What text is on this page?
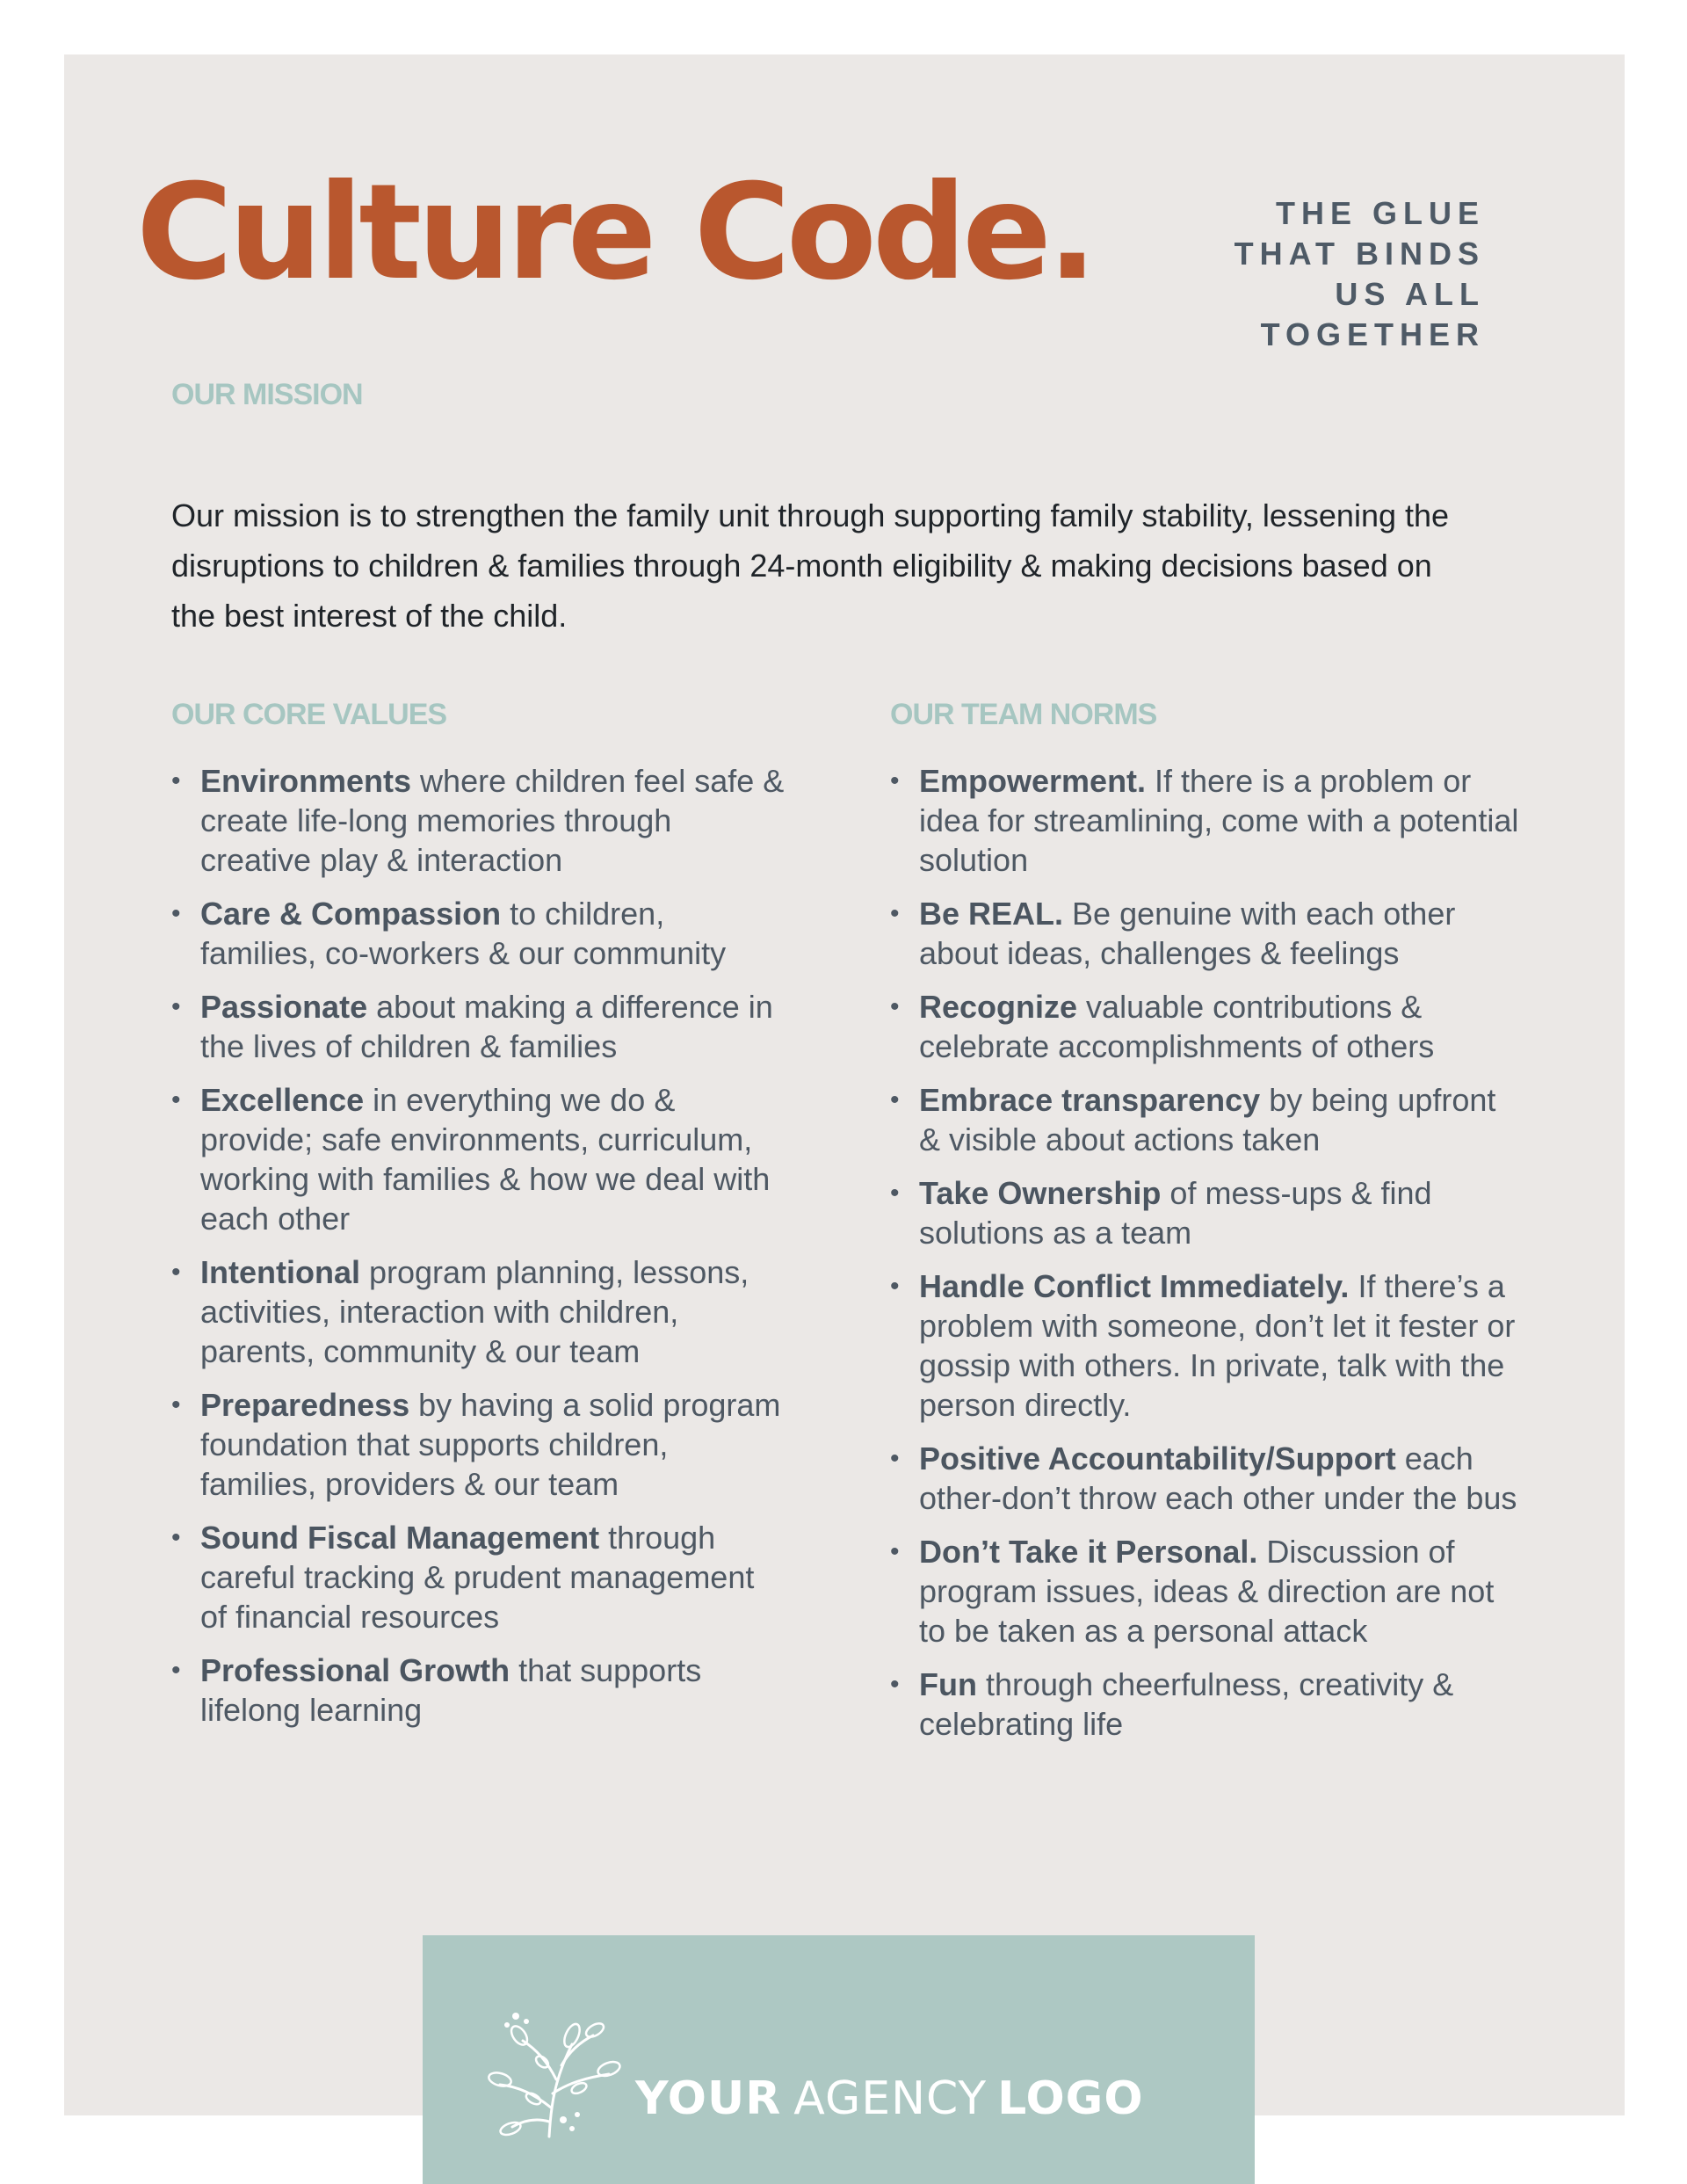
Culture Code.	THE GLUE
THAT BINDS
US ALL
TOGETHER
OUR MISSION

Our mission is to strengthen the family unit through supporting family stability, lessening the disruptions to children & families through 24-month eligibility & making decisions based on the best interest of the child.

OUR CORE VALUES
• Environments where children feel safe & create life-long memories through creative play & interaction
• Care & Compassion to children, families, co-workers & our community
• Passionate about making a difference in the lives of children & families
• Excellence in everything we do & provide; safe environments, curriculum, working with families & how we deal with each other
• Intentional program planning, lessons, activities, interaction with children, parents, community & our team
• Preparedness by having a solid program foundation that supports children, families, providers & our team
• Sound Fiscal Management through careful tracking & prudent management of financial resources
• Professional Growth that supports lifelong learning
OUR TEAM NORMS
• Empowerment. If there is a problem or idea for streamlining, come with a potential solution
• Be REAL. Be genuine with each other about ideas, challenges & feelings
• Recognize valuable contributions & celebrate accomplishments of others
• Embrace transparency by being upfront & visible about actions taken
• Take Ownership of mess-ups & find solutions as a team
• Handle Conflict Immediately. If there’s a problem with someone, don’t let it fester or gossip with others. In private, talk with the person directly.
• Positive Accountability/Support each other-don’t throw each other under the bus
• Don’t Take it Personal. Discussion of program issues, ideas & direction are not to be taken as a personal attack
• Fun through cheerfulness, creativity & celebrating life
YOUR AGENCY LOGO
